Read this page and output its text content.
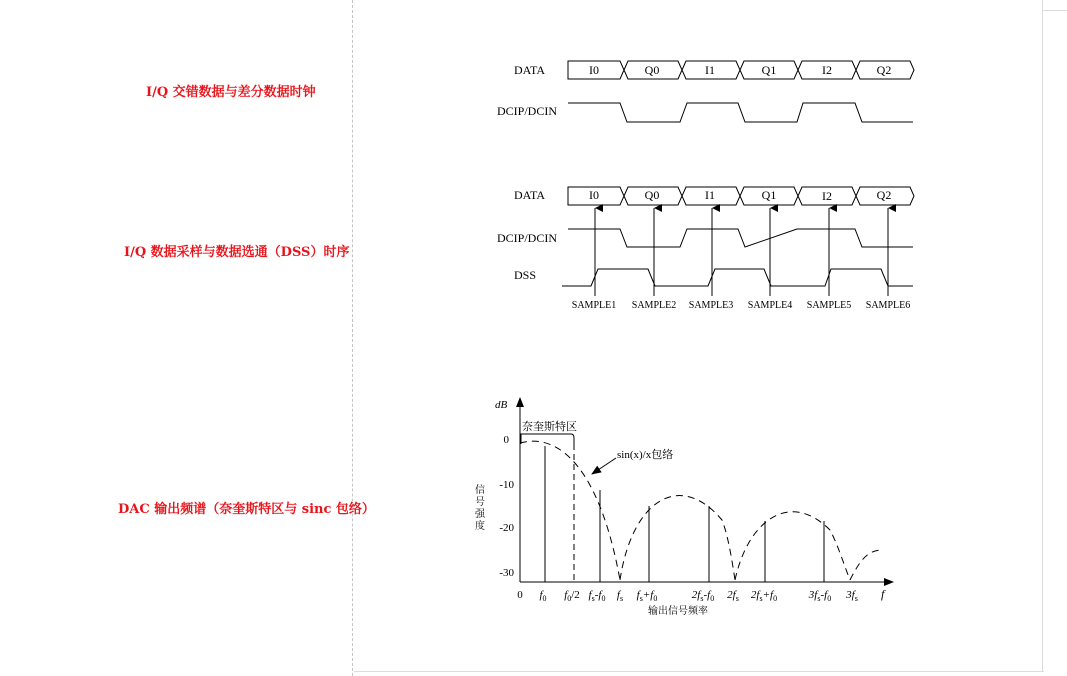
I/Q 交错数据与差分数据时钟
I/Q 数据采样与数据选通（DSS）时序
DAC 输出频谱（奈奎斯特区与 sinc 包络）
DATA
DCIP/DCIN
I0	Q0	I1	Q1	I2	Q2
DATA
DCIP/DCIN
DSS
I0	Q0	I1	Q1	I2	Q2
SAMPLE1 SAMPLE2 SAMPLE3 SAMPLE4 SAMPLE5 SAMPLE6
dB
信号强度
输出信号频率
f
0
-10
-20
-30
奈奎斯特区
sin(x)/x包络
0 $f_0$ $f_0/2$ $f_s-f_0$ $f_s$ $f_s+f_0$	$2f_s-f_0$ $2f_s$ $2f_s+f_0$	$3f_s-f_0$ $3f_s$
